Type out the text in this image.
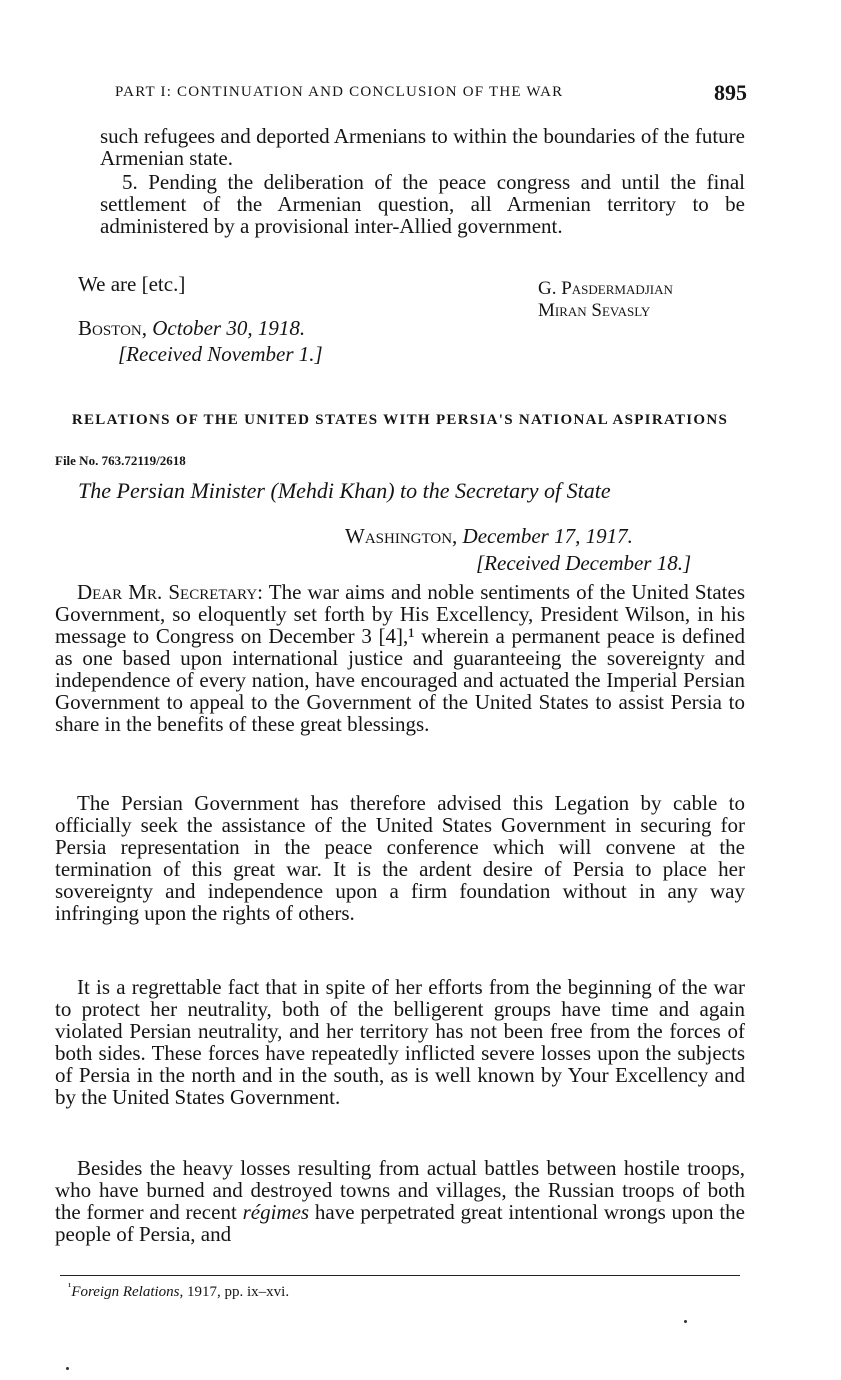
PART I: CONTINUATION AND CONCLUSION OF THE WAR	895

such refugees and deported Armenians to within the boundaries of the future Armenian state.

5. Pending the deliberation of the peace congress and until the final settlement of the Armenian question, all Armenian territory to be administered by a provisional inter-Allied government.

We are [etc.]	G. Pasdermadjian
Miran Sevasly
Boston, October 30, 1918.
[Received November 1.]

RELATIONS OF THE UNITED STATES WITH PERSIA'S NATIONAL ASPIRATIONS

File No. 763.72119/2618
The Persian Minister (Mehdi Khan) to the Secretary of State
Washington, December 17, 1917.
[Received December 18.]

Dear Mr. Secretary: The war aims and noble sentiments of the United States Government, so eloquently set forth by His Excellency, President Wilson, in his message to Congress on December 3 [4],¹ wherein a permanent peace is defined as one based upon international justice and guaranteeing the sovereignty and independence of every nation, have encouraged and actuated the Imperial Persian Government to appeal to the Government of the United States to assist Persia to share in the benefits of these great blessings.

The Persian Government has therefore advised this Legation by cable to officially seek the assistance of the United States Government in securing for Persia representation in the peace conference which will convene at the termination of this great war. It is the ardent desire of Persia to place her sovereignty and independence upon a firm foundation without in any way infringing upon the rights of others.

It is a regrettable fact that in spite of her efforts from the beginning of the war to protect her neutrality, both of the belligerent groups have time and again violated Persian neutrality, and her territory has not been free from the forces of both sides. These forces have repeatedly inflicted severe losses upon the subjects of Persia in the north and in the south, as is well known by Your Excellency and by the United States Government.

Besides the heavy losses resulting from actual battles between hostile troops, who have burned and destroyed towns and villages, the Russian troops of both the former and recent régimes have perpetrated great intentional wrongs upon the people of Persia, and

$^{^1}$Foreign Relations, 1917, pp. ix–xvi.
